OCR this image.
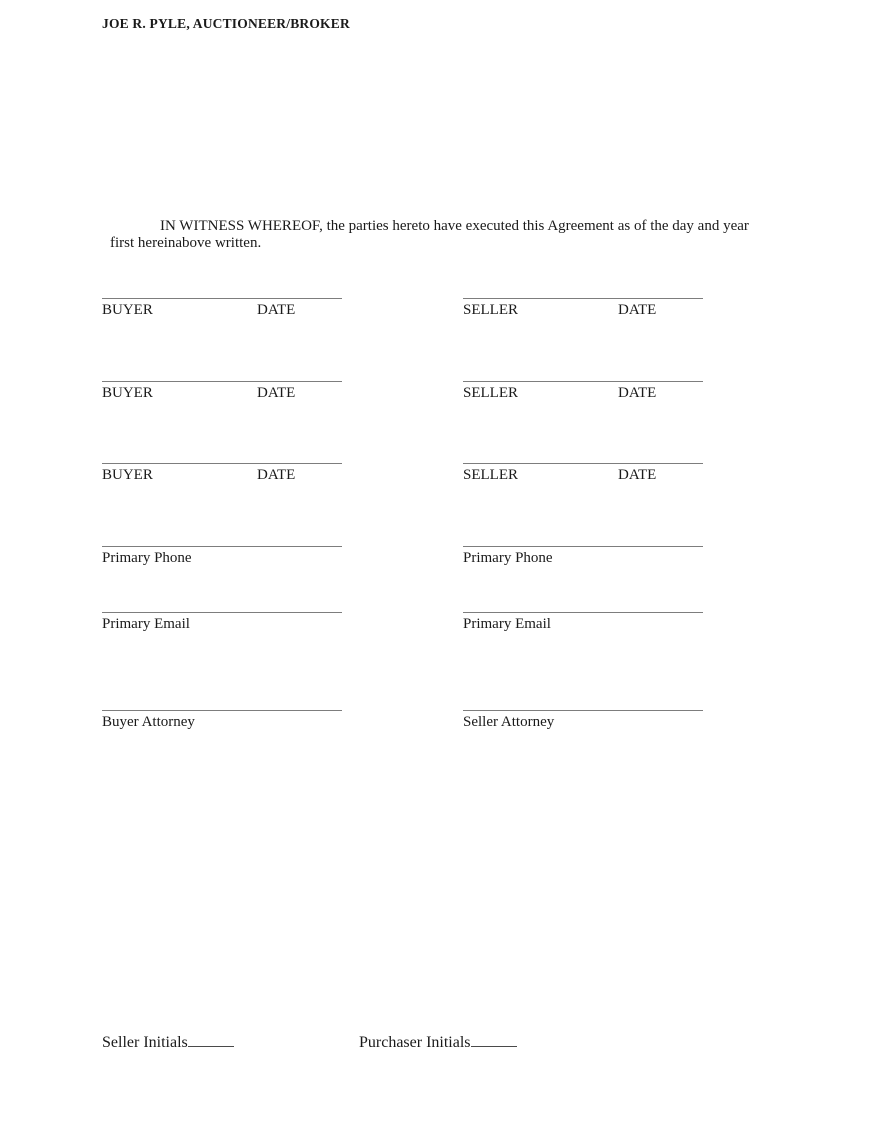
JOE R. PYLE, AUCTIONEER/BROKER
IN WITNESS WHEREOF, the parties hereto have executed this Agreement as of the day and year first hereinabove written.
BUYER	DATE	SELLER	DATE
BUYER	DATE	SELLER	DATE
BUYER	DATE	SELLER	DATE
Primary Phone	Primary Phone
Primary Email	Primary Email
Buyer Attorney	Seller Attorney
Seller Initials	Purchaser Initials
